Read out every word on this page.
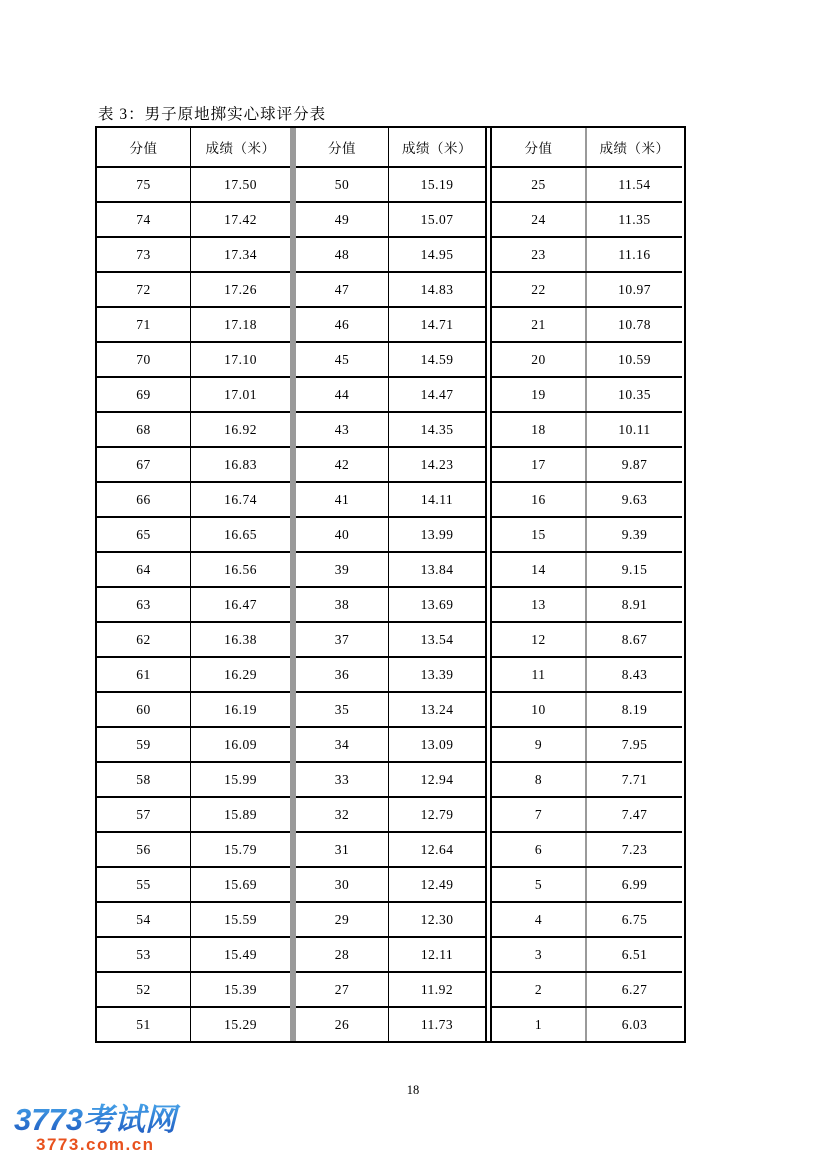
表 3：男子原地掷实心球评分表
分值	成绩（米）
75	17.50
74	17.42
73	17.34
72	17.26
71	17.18
70	17.10
69	17.01
68	16.92
67	16.83
66	16.74
65	16.65
64	16.56
63	16.47
62	16.38
61	16.29
60	16.19
59	16.09
58	15.99
57	15.89
56	15.79
55	15.69
54	15.59
53	15.49
52	15.39
51	15.29
分值	成绩（米）
50	15.19
49	15.07
48	14.95
47	14.83
46	14.71
45	14.59
44	14.47
43	14.35
42	14.23
41	14.11
40	13.99
39	13.84
38	13.69
37	13.54
36	13.39
35	13.24
34	13.09
33	12.94
32	12.79
31	12.64
30	12.49
29	12.30
28	12.11
27	11.92
26	11.73
分值	成绩（米）
25	11.54
24	11.35
23	11.16
22	10.97
21	10.78
20	10.59
19	10.35
18	10.11
17	9.87
16	9.63
15	9.39
14	9.15
13	8.91
12	8.67
11	8.43
10	8.19
9	7.95
8	7.71
7	7.47
6	7.23
5	6.99
4	6.75
3	6.51
2	6.27
1	6.03
18
3773考试网
3773.com.cn
